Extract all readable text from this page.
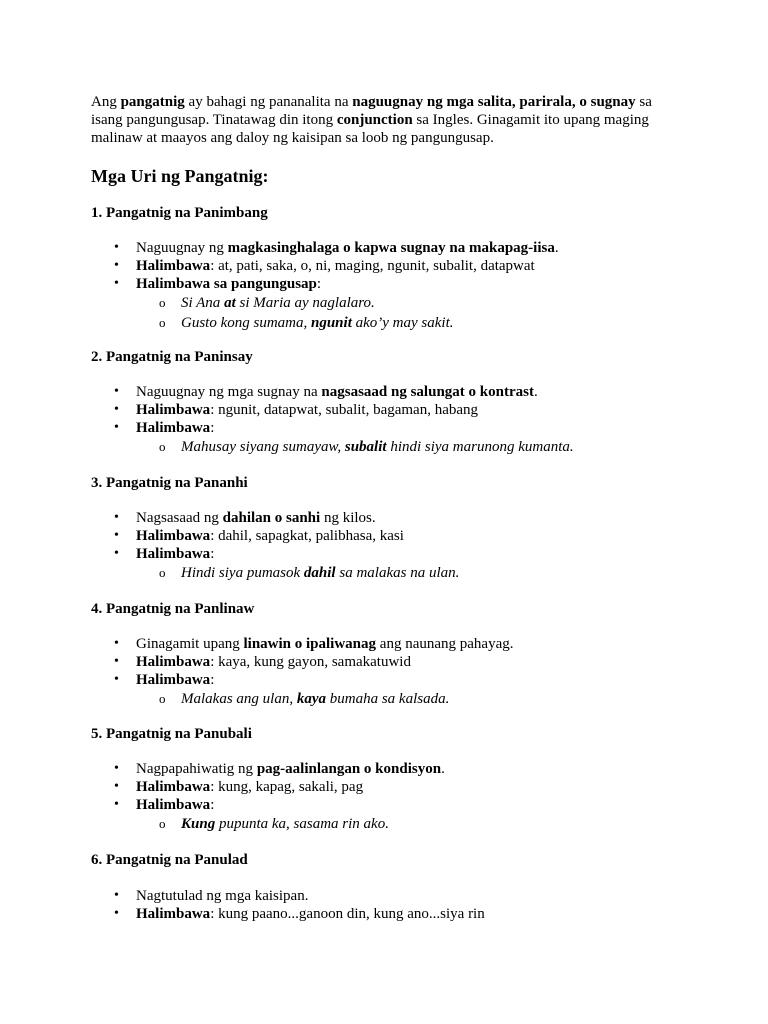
Ang pangatnig ay bahagi ng pananalita na naguugnay ng mga salita, parirala, o sugnay sa isang pangungusap. Tinatawag din itong conjunction sa Ingles. Ginagamit ito upang maging malinaw at maayos ang daloy ng kaisipan sa loob ng pangungusap.

Mga Uri ng Pangatnig:
1. Pangatnig na Panimbang
• Naguugnay ng magkasinghalaga o kapwa sugnay na makapag-iisa.
• Halimbawa: at, pati, saka, o, ni, maging, ngunit, subalit, datapwat
• Halimbawa sa pangungusap:
o Si Ana at si Maria ay naglalaro.
o Gusto kong sumama, ngunit ako’y may sakit.
2. Pangatnig na Paninsay
• Naguugnay ng mga sugnay na nagsasaad ng salungat o kontrast.
• Halimbawa: ngunit, datapwat, subalit, bagaman, habang
• Halimbawa:
o Mahusay siyang sumayaw, subalit hindi siya marunong kumanta.
3. Pangatnig na Pananhi
• Nagsasaad ng dahilan o sanhi ng kilos.
• Halimbawa: dahil, sapagkat, palibhasa, kasi
• Halimbawa:
o Hindi siya pumasok dahil sa malakas na ulan.
4. Pangatnig na Panlinaw
• Ginagamit upang linawin o ipaliwanag ang naunang pahayag.
• Halimbawa: kaya, kung gayon, samakatuwid
• Halimbawa:
o Malakas ang ulan, kaya bumaha sa kalsada.
5. Pangatnig na Panubali
• Nagpapahiwatig ng pag-aalinlangan o kondisyon.
• Halimbawa: kung, kapag, sakali, pag
• Halimbawa:
o Kung pupunta ka, sasama rin ako.
6. Pangatnig na Panulad
• Nagtutulad ng mga kaisipan.
• Halimbawa: kung paano...ganoon din, kung ano...siya rin
